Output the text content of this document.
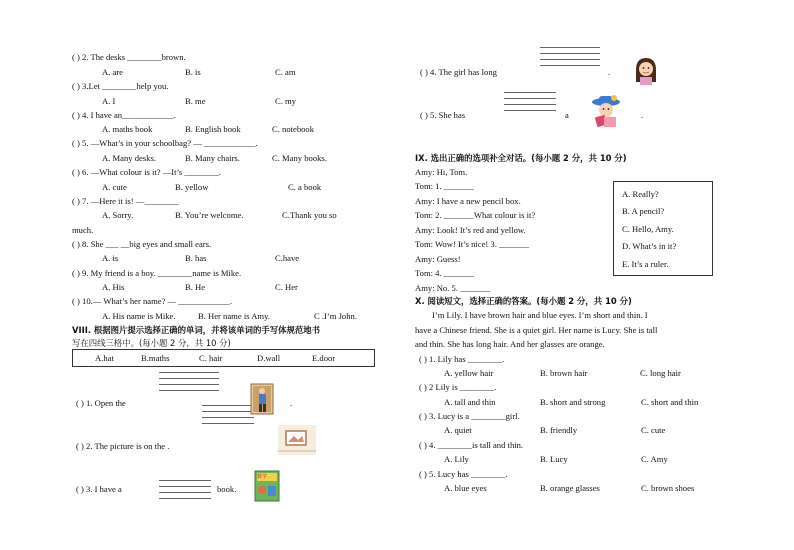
( ) 2. The desks ________brown.
A. are	B. is	C. am
( ) 3.Let ________help you.
A. I	B. me	C. my
( ) 4. I have an____________.
A. maths book	B. English book	C. notebook
( ) 5. —What’s in your schoolbag? — ____________.
A. Many desks.	B. Many chairs.	C. Many books.
( ) 6. —What colour is it? —It’s ________.
A. cute	B. yellow	C. a book
( ) 7. —Here it is! —________
A. Sorry.	B. You’re welcome.	C.Thank you so
much.
( ) 8. She ___ __big eyes and small ears.
A. is	B. has	C.have
( ) 9. My friend is a boy. ________name is Mike.
A. His	B. He	C. Her
( ) 10.— What’s her name? — ____________.
A. His name is Mike.	B. Her name is Amy.	C .I’m John.
VIII. 根据图片提示选择正确的单词，并将该单词的手写体规范地书
写在四线三格中。(每小题 2 分，共 10 分)
A.hat	B.maths	C. hair	D.wall	E.door
( ) 1. Open the	.
( ) 2. The picture is on the .
( ) 3. I have a	book.
数学
( ) 4. The girl has long	.
( ) 5. She has	a	.
IX. 选出正确的选项补全对话。(每小题 2 分，共 10 分)
Amy: Hi, Tom.
Tom: 1. _______
Amy: I have a new pencil box.
Tom: 2. _______What colour is it?
Amy: Look! It’s red and yellow.
Tom: Wow! It’s nice! 3. _______
Amy: Guess!
Tom: 4. _______
Amy: No. 5. _______
A. Really?
B. A pencil?
C. Hello, Amy.
D. What’s in it?
E. It’s a ruler.
X. 阅读短文，选择正确的答案。(每小题 2 分，共 10 分)
I’m Lily. I have brown hair and blue eyes. I’m short and thin. I
have a Chinese friend. She is a quiet girl. Her name is Lucy. She is tall
and thin. She has long hair. And her glasses are orange.
( ) 1. Lily has ________.
A. yellow hair	B. brown hair	C. long hair
( ) 2 Lily is ________.
A. tall and thin	B. short and strong	C. short and thin
( ) 3. Lucy is a ________girl.
A. quiet	B. friendly	C. cute
( ) 4. ________is tall and thin.
A. Lily	B. Lucy	C. Amy
( ) 5. Lucy has ________.
A. blue eyes	B. orange glasses	C. brown shoes
